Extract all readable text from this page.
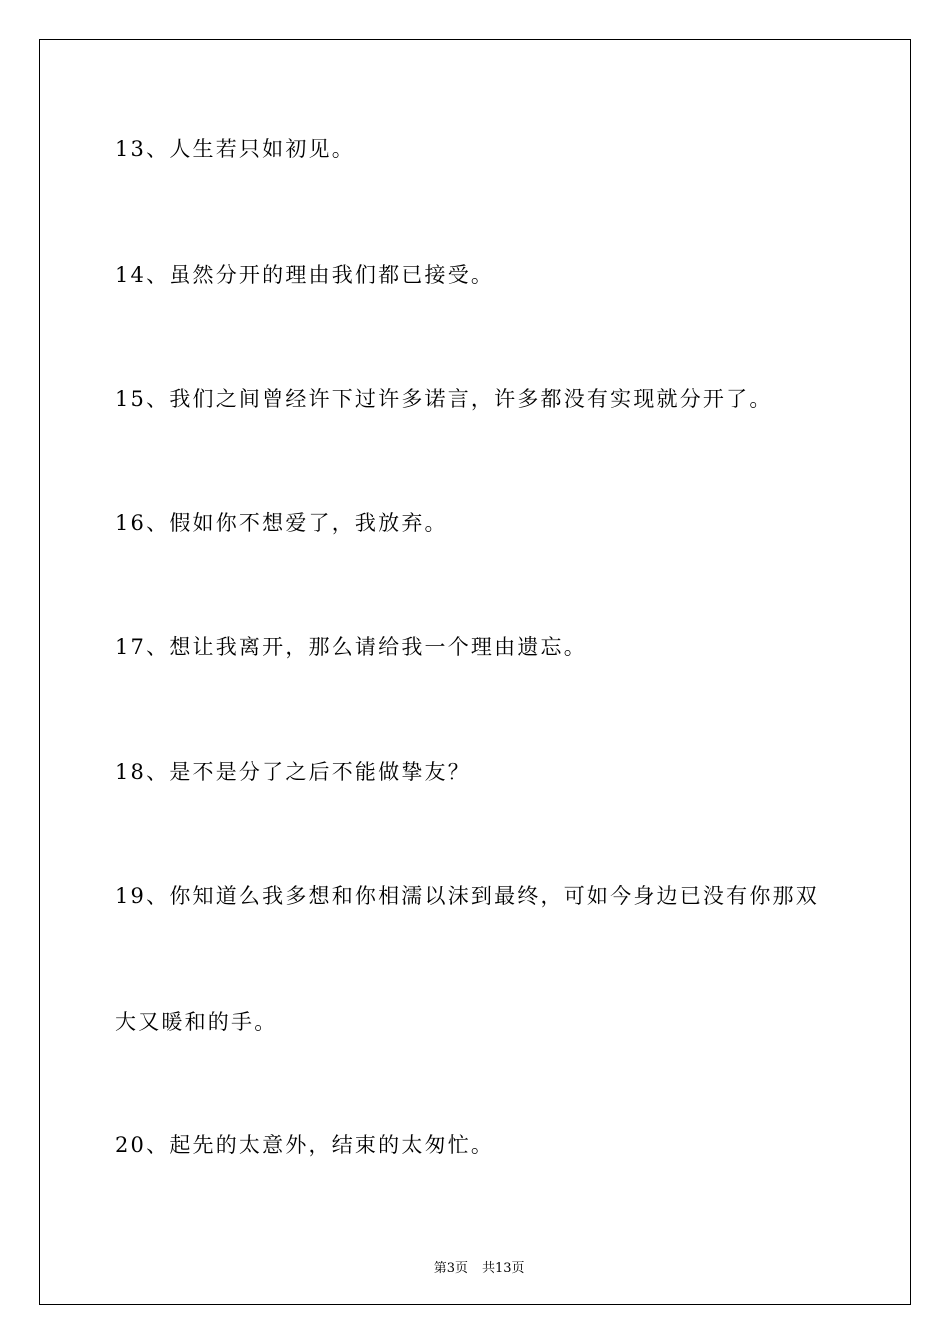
13、人生若只如初见。
14、虽然分开的理由我们都已接受。
15、我们之间曾经许下过许多诺言，许多都没有实现就分开了。
16、假如你不想爱了，我放弃。
17、想让我离开，那么请给我一个理由遗忘。
18、是不是分了之后不能做挚友？
19、你知道么我多想和你相濡以沫到最终，可如今身边已没有你那双
大又暖和的手。
20、起先的太意外，结束的太匆忙。

第3页 共13页
